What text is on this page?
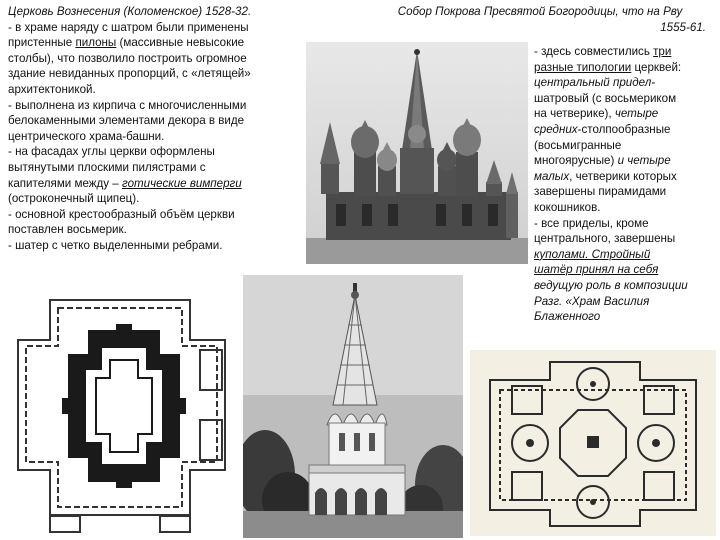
Церковь Вознесения (Коломенское) 1528-32.
- в храме наряду с шатром были применены
пристенные пилоны (массивные невысокие
столбы), что позволило построить огромное
здание невиданных пропорций, с «летящей»
архитектоникой.
- выполнена из кирпича с многочисленными
белокаменными элементами декора в виде
центрического храма-башни.
- на фасадах углы церкви оформлены
вытянутыми плоскими пилястрами с
капителями между – готические вимперги
(остроконечный щипец).
- основной крестообразный объём церкви
поставлен восьмерик.
- шатер с четко выделенными ребрами.
Собор Покрова Пресвятой Богородицы, что на Рву
1555-61.
- здесь совместились три
разные типологии церквей:
центральный придел-
шатровый (с восьмериком
на четверике), четыре
средних-столпообразные
(восьмигранные
многоярусные) и четыре
малых, четверики которых
завершены пирамидами
кокошников.
- все приделы, кроме
центрального, завершены
куполами. Стройный
шатёр принял на себя
ведущую роль в композиции
Разг. «Храм Василия
Блаженного
